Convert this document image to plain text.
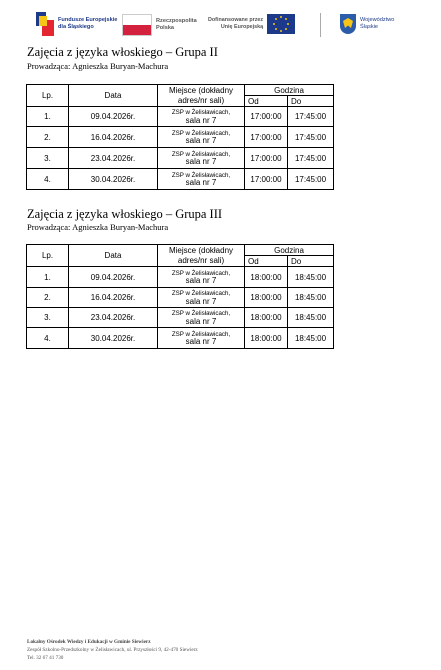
Fundusze Europejskie
dla Śląskiego
Rzeczpospolita
Polska
Dofinansowane przez
Unię Europejską
Województwo
Śląskie
Zajęcia z języka włoskiego – Grupa II
Prowadząca: Agnieszka Buryan-Machura
Lp.	Data	Miejsce (dokładny adres/nr sali)	Godzina	
			Od	Do
1.	09.04.2026r.	ZSP w Żelisławicach,
sala nr 7	17:00:00	17:45:00
2.	16.04.2026r.	ZSP w Żelisławicach,
sala nr 7	17:00:00	17:45:00
3.	23.04.2026r.	ZSP w Żelisławicach,
sala nr 7	17:00:00	17:45:00
4.	30.04.2026r.	ZSP w Żelisławicach,
sala nr 7	17:00:00	17:45:00
Zajęcia z języka włoskiego – Grupa III
Prowadząca: Agnieszka Buryan-Machura
Lp.	Data	Miejsce (dokładny adres/nr sali)	Godzina	
			Od	Do
1.	09.04.2026r.	ZSP w Żelisławicach,
sala nr 7	18:00:00	18:45:00
2.	16.04.2026r.	ZSP w Żelisławicach,
sala nr 7	18:00:00	18:45:00
3.	23.04.2026r.	ZSP w Żelisławicach,
sala nr 7	18:00:00	18:45:00
4.	30.04.2026r.	ZSP w Żelisławicach,
sala nr 7	18:00:00	18:45:00
Lokalny Ośrodek Wiedzy i Edukacji w Gminie Siewierz
Zespół Szkolno-Przedszkolny w Żelisławicach, ul. Przyszłości 9, 42-470 Siewierz
Tel. 32 67 41 730
